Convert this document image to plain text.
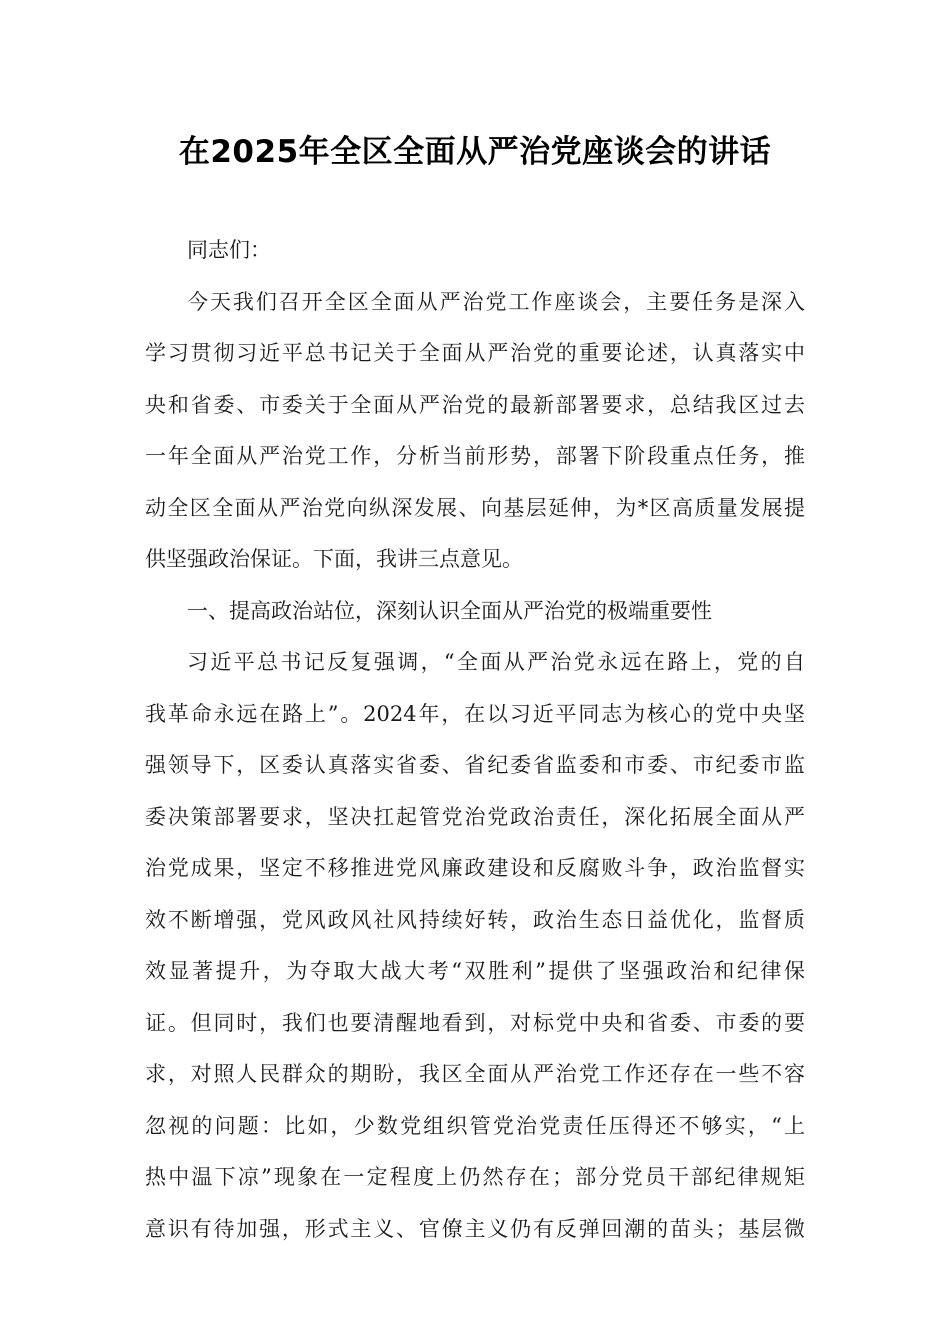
在2025年全区全面从严治党座谈会的讲话
同志们：
今天我们召开全区全面从严治党工作座谈会，主要任务是深入
学习贯彻习近平总书记关于全面从严治党的重要论述，认真落实中
央和省委、市委关于全面从严治党的最新部署要求，总结我区过去
一年全面从严治党工作，分析当前形势，部署下阶段重点任务，推
动全区全面从严治党向纵深发展、向基层延伸，为*区高质量发展提
供坚强政治保证。下面，我讲三点意见。
一、提高政治站位，深刻认识全面从严治党的极端重要性
习近平总书记反复强调，“全面从严治党永远在路上，党的自
我革命永远在路上”。2024年，在以习近平同志为核心的党中央坚
强领导下，区委认真落实省委、省纪委省监委和市委、市纪委市监
委决策部署要求，坚决扛起管党治党政治责任，深化拓展全面从严
治党成果，坚定不移推进党风廉政建设和反腐败斗争，政治监督实
效不断增强，党风政风社风持续好转，政治生态日益优化，监督质
效显著提升，为夺取大战大考“双胜利”提供了坚强政治和纪律保
证。但同时，我们也要清醒地看到，对标党中央和省委、市委的要
求，对照人民群众的期盼，我区全面从严治党工作还存在一些不容
忽视的问题：比如，少数党组织管党治党责任压得还不够实，“上
热中温下凉”现象在一定程度上仍然存在；部分党员干部纪律规矩
意识有待加强，形式主义、官僚主义仍有反弹回潮的苗头；基层微
